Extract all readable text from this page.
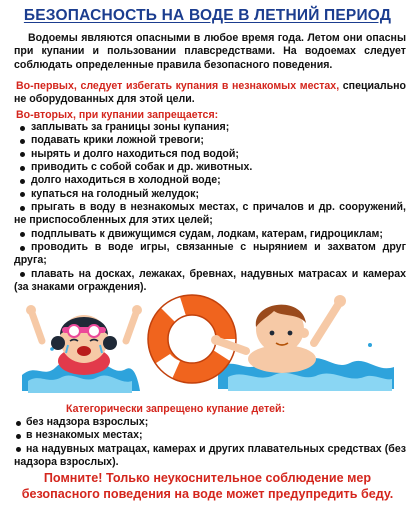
БЕЗОПАСНОСТЬ НА ВОДЕ В ЛЕТНИЙ ПЕРИОД
Водоемы являются опасными в любое время года. Летом они опасны при купании и пользовании плавсредствами. На водоемах следует соблюдать определенные правила безопасного поведения.
Во-первых, следует избегать купания в незнакомых местах, специально не оборудованных для этой цели.
Во-вторых, при купании запрещается:
заплывать за границы зоны купания;
подавать крики ложной тревоги;
нырять и долго находиться под водой;
приводить с собой собак и др. животных.
долго находиться в холодной воде;
купаться на голодный желудок;
прыгать в воду в незнакомых местах, с причалов и др. сооружений, не приспособленных для этих целей;
подплывать к движущимся судам, лодкам, катерам, гидроциклам;
проводить в воде игры, связанные с нырянием и захватом друг друга;
плавать на досках, лежаках, бревнах, надувных матрасах и камерах (за знаками ограждения).
Категорически запрещено купание детей:
без надзора взрослых;
в незнакомых местах;
на надувных матрацах, камерах и других плавательных средствах (без надзора взрослых).
Помните! Только неукоснительное соблюдение мер безопасного поведения на воде может предупредить беду.
